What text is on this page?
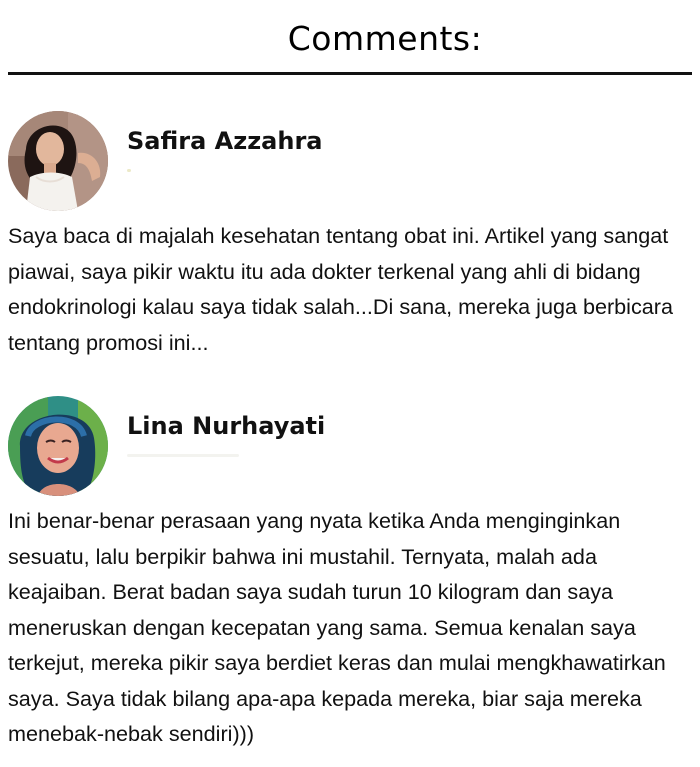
Comments:
Safira Azzahra

Saya baca di majalah kesehatan tentang obat ini. Artikel yang sangat piawai, saya pikir waktu itu ada dokter terkenal yang ahli di bidang endokrinologi kalau saya tidak salah...Di sana, mereka juga berbicara tentang promosi ini...

Lina Nurhayati

Ini benar-benar perasaan yang nyata ketika Anda menginginkan sesuatu, lalu berpikir bahwa ini mustahil. Ternyata, malah ada keajaiban. Berat badan saya sudah turun 10 kilogram dan saya meneruskan dengan kecepatan yang sama. Semua kenalan saya terkejut, mereka pikir saya berdiet keras dan mulai mengkhawatirkan saya. Saya tidak bilang apa-apa kepada mereka, biar saja mereka menebak-nebak sendiri)))
